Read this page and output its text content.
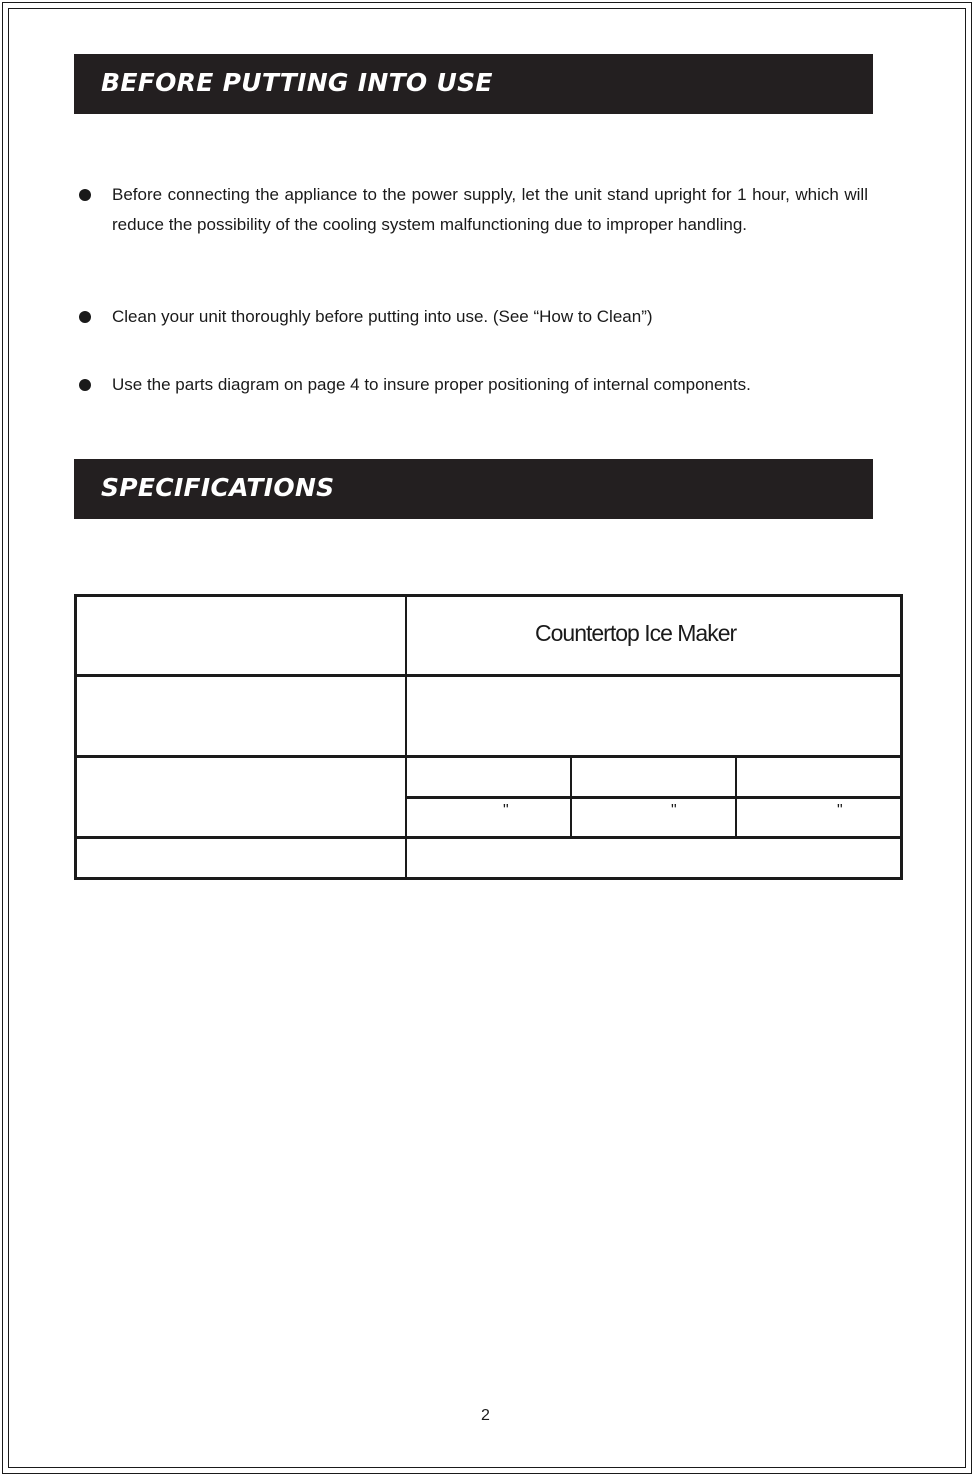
BEFORE PUTTING INTO USE
Before connecting the appliance to the power supply, let the unit stand upright for 1 hour, which will reduce the possibility of the cooling system malfunctioning due to improper handling.
Clean your unit thoroughly before putting into use. (See “How to Clean”)
Use the parts diagram on page 4 to insure proper positioning of internal components.
SPECIFICATIONS
Countertop Ice Maker
"	"	"
2
